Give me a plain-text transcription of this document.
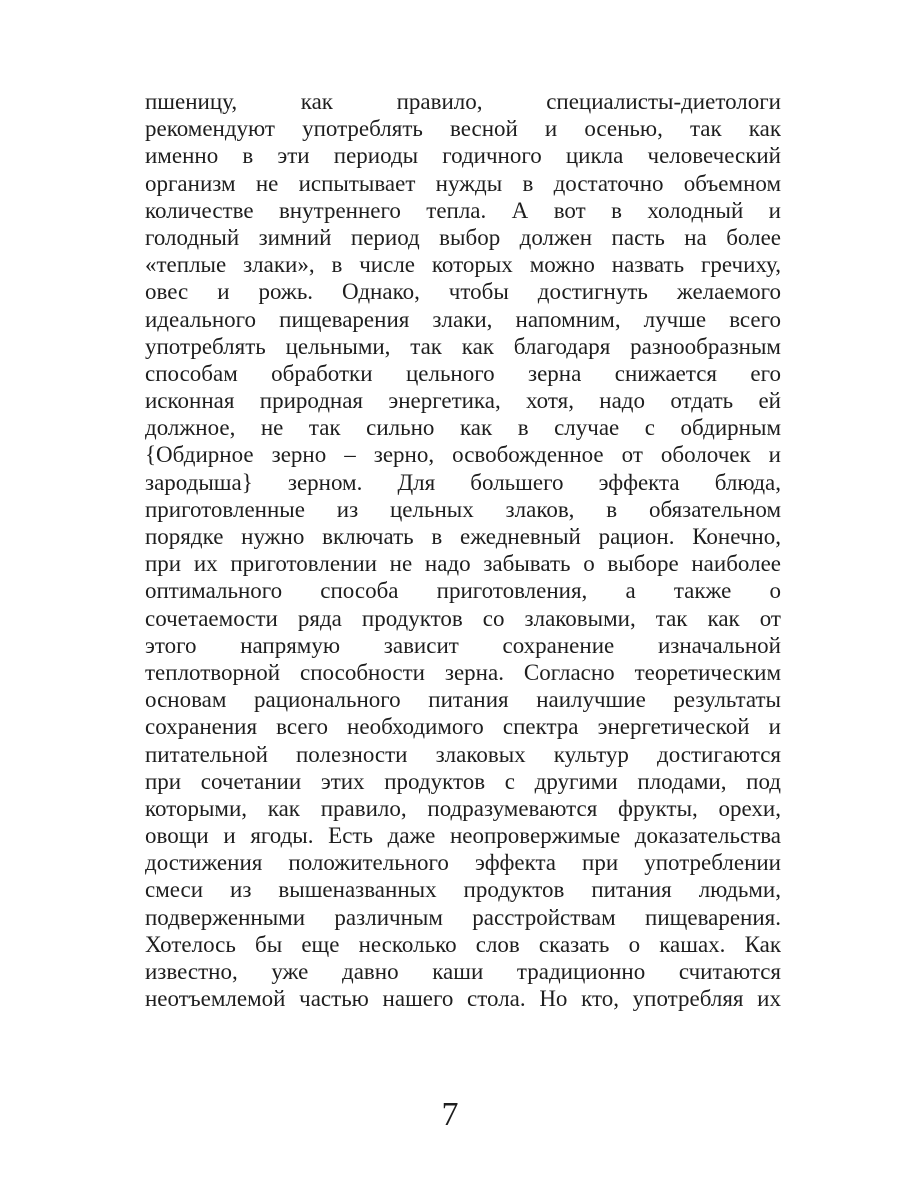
пшеницу, как правило, специалисты-диетологи
рекомендуют употреблять весной и осенью, так как
именно в эти периоды годичного цикла человеческий
организм не испытывает нужды в достаточно объемном
количестве внутреннего тепла. А вот в холодный и
голодный зимний период выбор должен пасть на более
«теплые злаки», в числе которых можно назвать гречиху,
овес и рожь. Однако, чтобы достигнуть желаемого
идеального пищеварения злаки, напомним, лучше всего
употреблять цельными, так как благодаря разнообразным
способам обработки цельного зерна снижается его
исконная природная энергетика, хотя, надо отдать ей
должное, не так сильно как в случае с обдирным
{Обдирное зерно – зерно, освобожденное от оболочек и
зародыша} зерном. Для большего эффекта блюда,
приготовленные из цельных злаков, в обязательном
порядке нужно включать в ежедневный рацион. Конечно,
при их приготовлении не надо забывать о выборе наиболее
оптимального способа приготовления, а также о
сочетаемости ряда продуктов со злаковыми, так как от
этого напрямую зависит сохранение изначальной
теплотворной способности зерна. Согласно теоретическим
основам рационального питания наилучшие результаты
сохранения всего необходимого спектра энергетической и
питательной полезности злаковых культур достигаются
при сочетании этих продуктов с другими плодами, под
которыми, как правило, подразумеваются фрукты, орехи,
овощи и ягоды. Есть даже неопровержимые доказательства
достижения положительного эффекта при употреблении
смеси из вышеназванных продуктов питания людьми,
подверженными различным расстройствам пищеварения.
Хотелось бы еще несколько слов сказать о кашах. Как
известно, уже давно каши традиционно считаются
неотъемлемой частью нашего стола. Но кто, употребляя их
7
